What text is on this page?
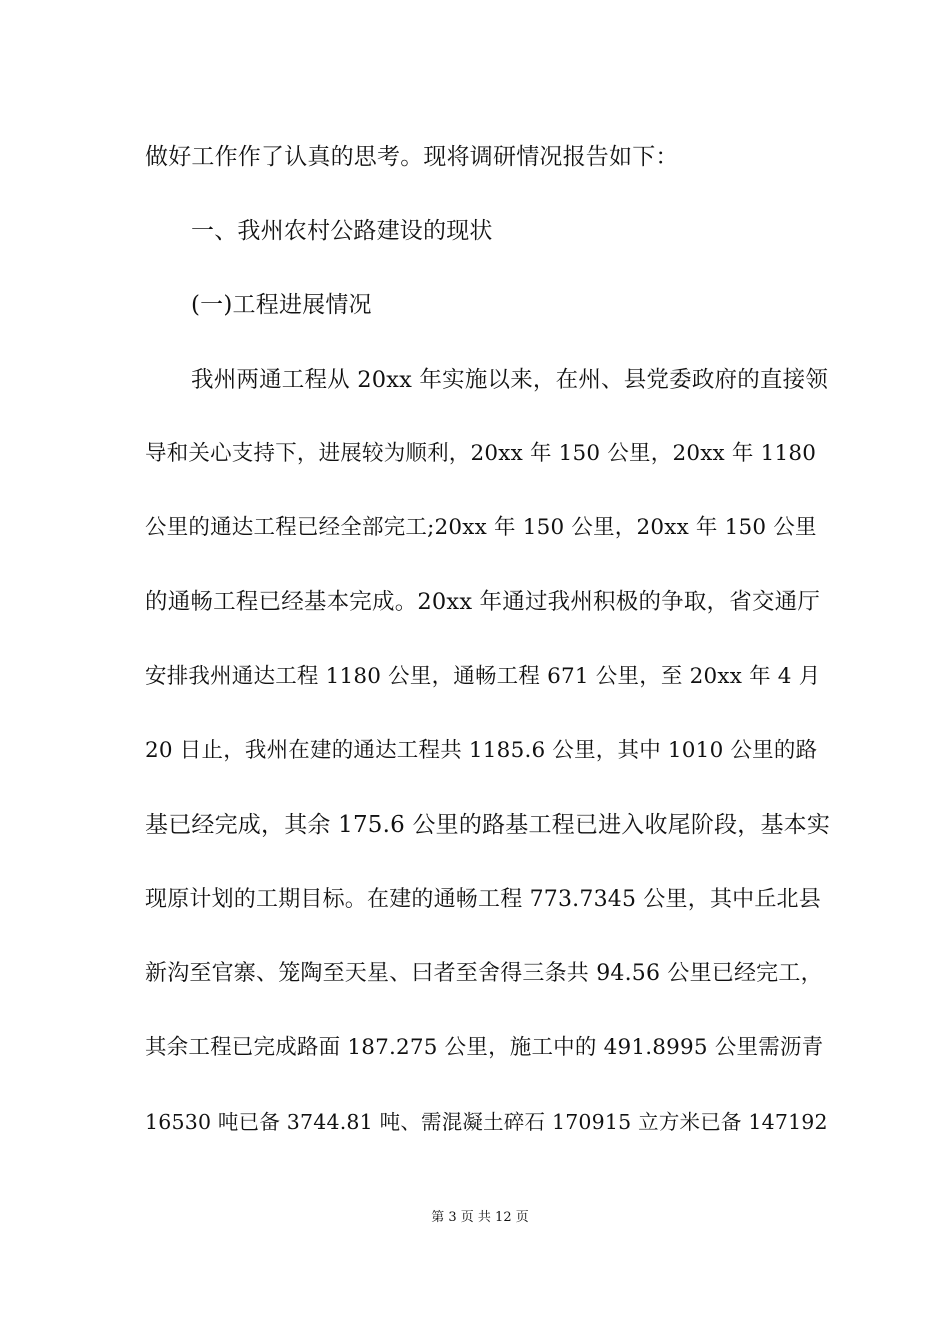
做好工作作了认真的思考。现将调研情况报告如下：
一、我州农村公路建设的现状
(一)工程进展情况
我州两通工程从 20xx 年实施以来，在州、县党委政府的直接领
导和关心支持下，进展较为顺利，20xx 年 150 公里，20xx 年 1180
公里的通达工程已经全部完工;20xx 年 150 公里，20xx 年 150 公里
的通畅工程已经基本完成。20xx 年通过我州积极的争取，省交通厅
安排我州通达工程 1180 公里，通畅工程 671 公里，至 20xx 年 4 月
20 日止，我州在建的通达工程共 1185.6 公里，其中 1010 公里的路
基已经完成，其余 175.6 公里的路基工程已进入收尾阶段，基本实
现原计划的工期目标。在建的通畅工程 773.7345 公里，其中丘北县
新沟至官寨、笼陶至天星、曰者至舍得三条共 94.56 公里已经完工，
其余工程已完成路面 187.275 公里，施工中的 491.8995 公里需沥青
16530 吨已备 3744.81 吨、需混凝土碎石 170915 立方米已备 147192
第 3 页 共 12 页
